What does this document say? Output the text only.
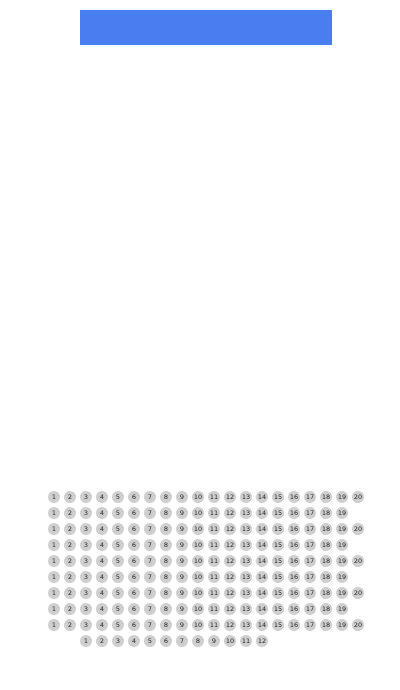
1	2	3	4	5	6	7	8	9	10 11 12 13 14 15 16 17 18 19 20
1	2	3	4	5	6	7	8	9	10 11 12 13 14 15 16 17 18 19
1	2	3	4	5	6	7	8	9	10 11 12 13 14 15 16 17 18 19 20
1	2	3	4	5	6	7	8	9	10 11 12 13 14 15 16 17 18 19
1	2	3	4	5	6	7	8	9	10 11 12 13 14 15 16 17 18 19 20
1	2	3	4	5	6	7	8	9	10 11 12 13 14 15 16 17 18 19
1	2	3	4	5	6	7	8	9	10 11 12 13 14 15 16 17 18 19 20
1	2	3	4	5	6	7	8	9	10 11 12 13 14 15 16 17 18 19
1	2	3	4	5	6	7	8	9	10 11 12 13 14 15 16 17 18 19 20
1	2	3	4	5	6	7	8	9	10 11 12
